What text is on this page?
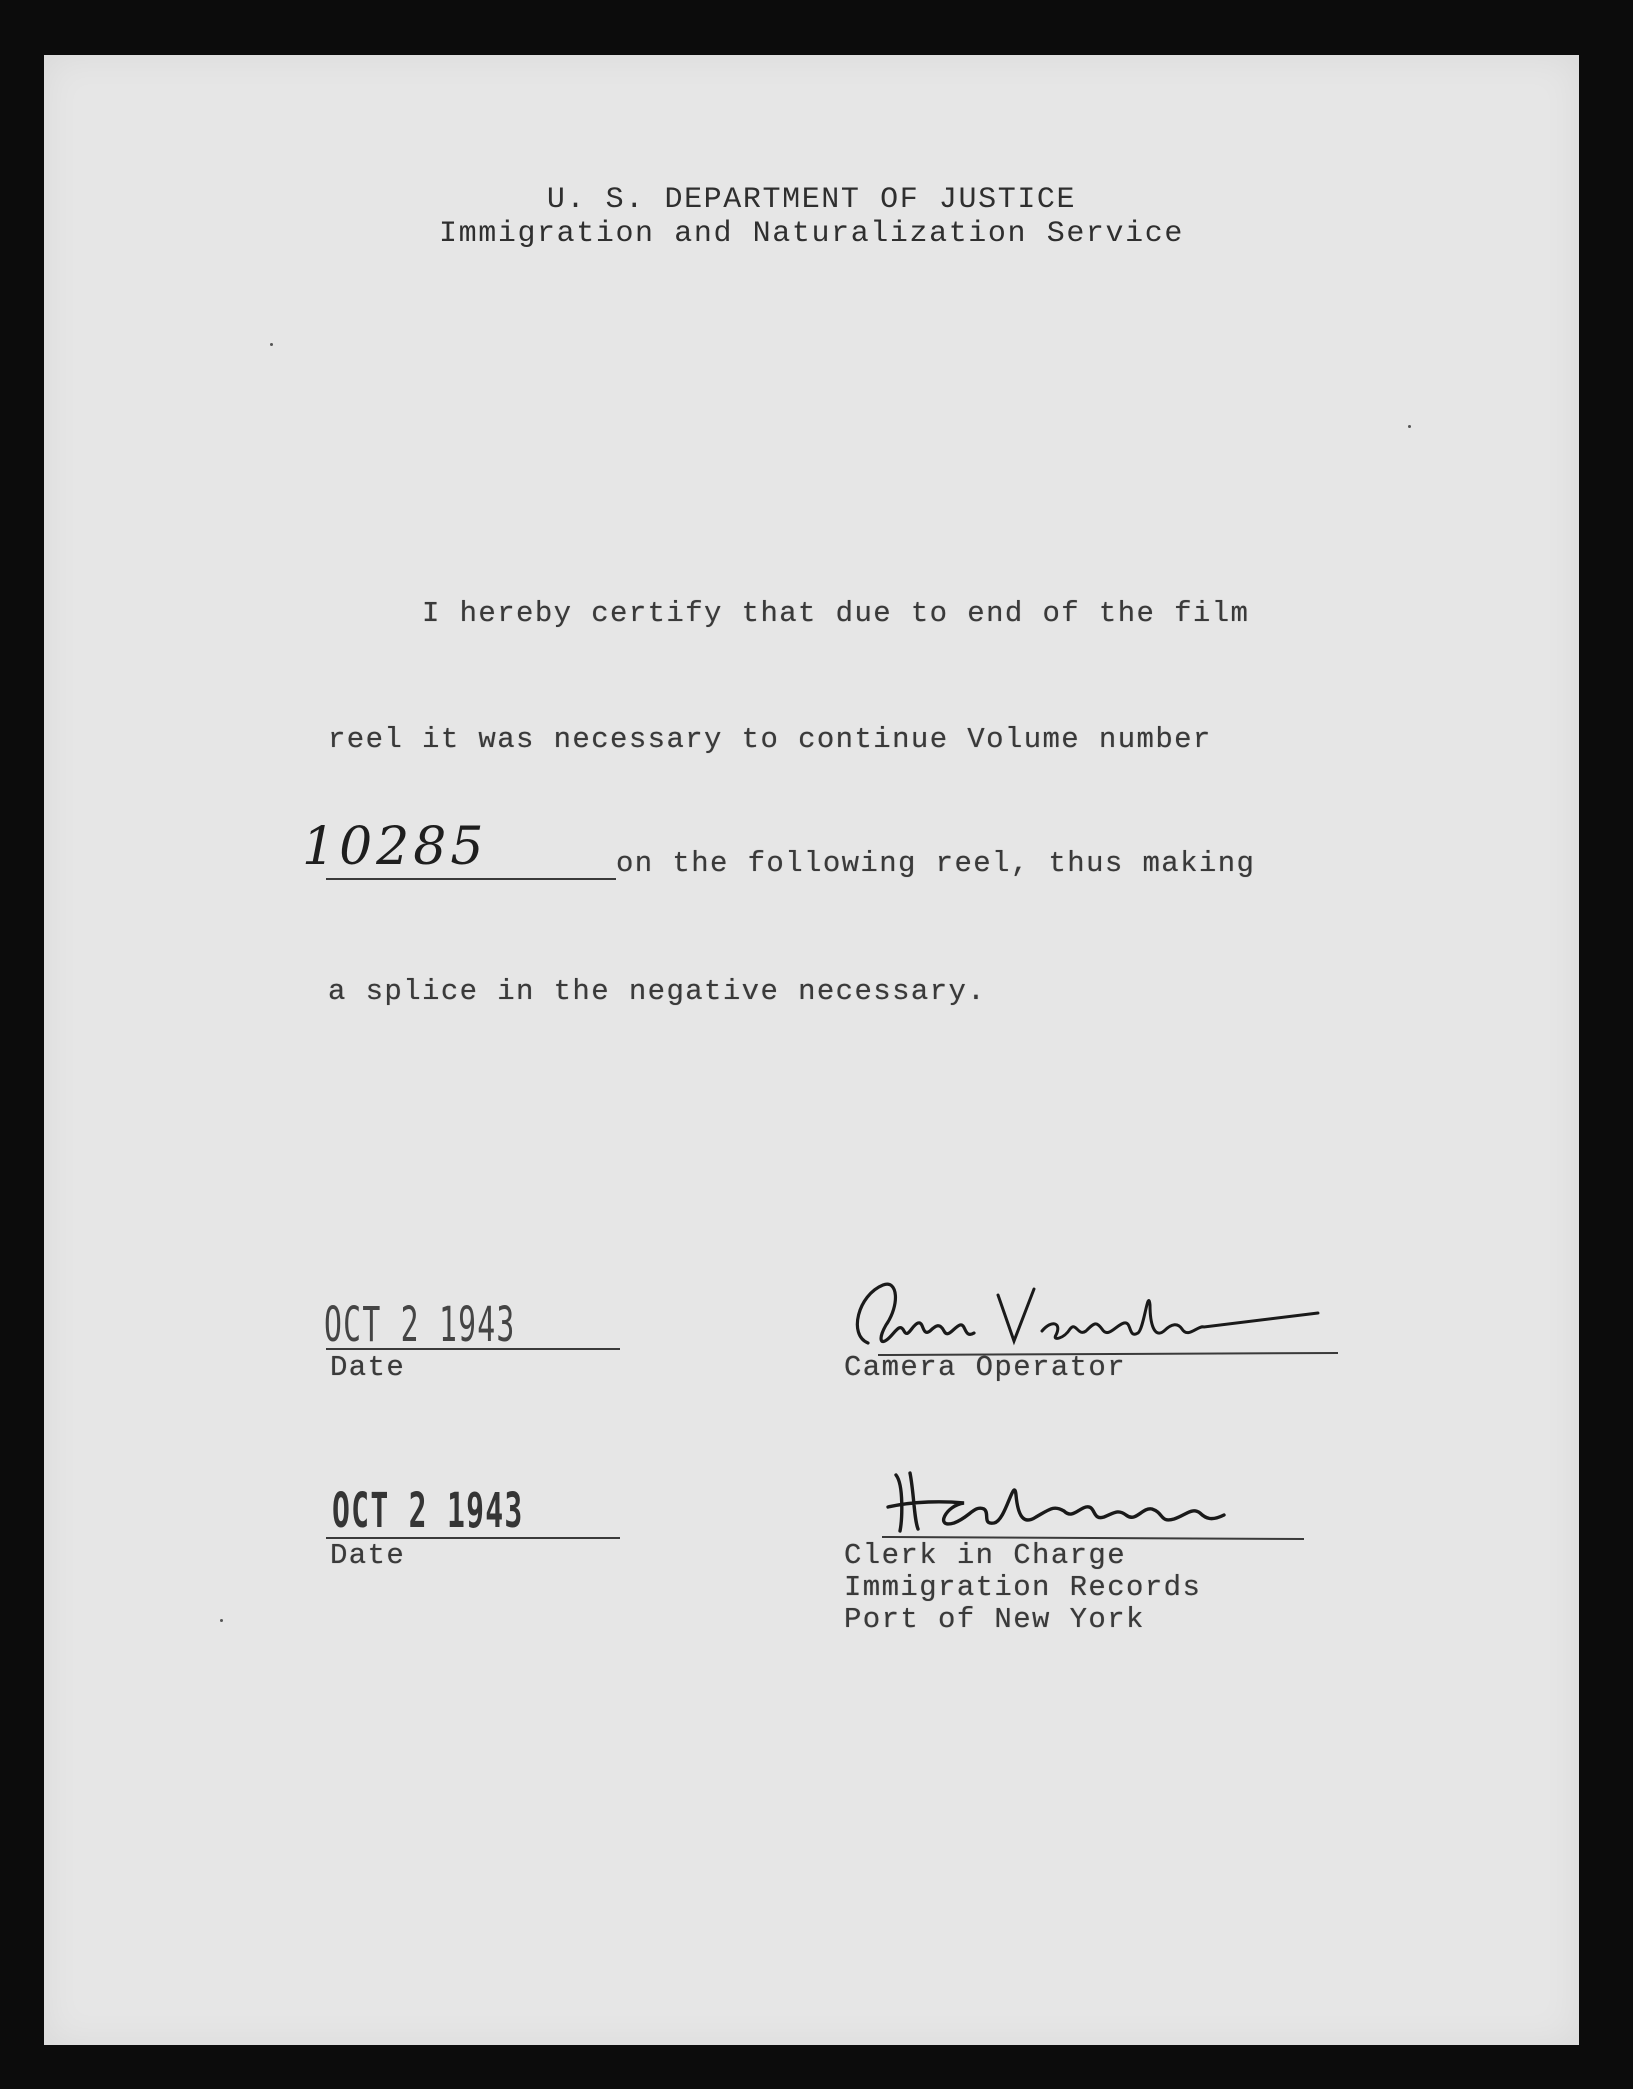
U. S. DEPARTMENT OF JUSTICE
Immigration and Naturalization Service
I hereby certify that due to end of the film
reel it was necessary to continue Volume number
10285	on the following reel, thus making
a splice in the negative necessary.
OCT 2 1943
Date	Camera Operator
OCT 2 1943
Date	Clerk in Charge
Immigration Records
Port of New York
